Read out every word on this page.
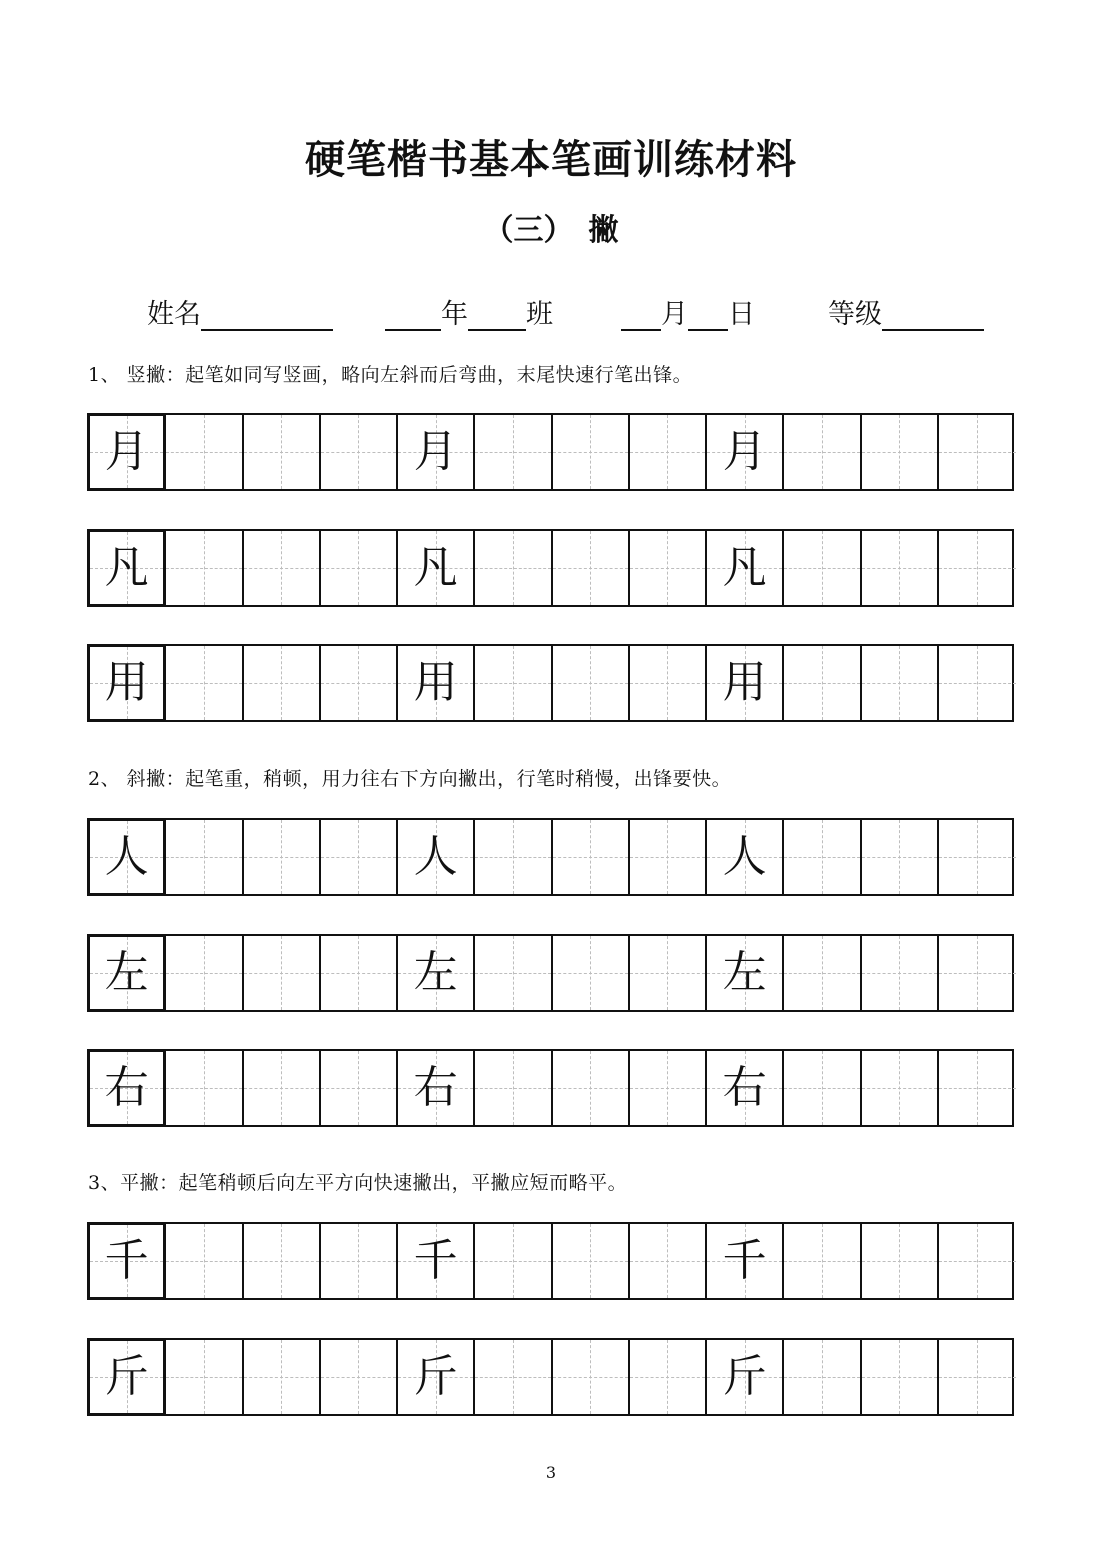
硬笔楷书基本笔画训练材料
（三）　撇
姓名	年 班	月 日	等级
1、 竖撇：起笔如同写竖画，略向左斜而后弯曲，末尾快速行笔出锋。
月	月	月
凡	凡	凡
用	用	用
2、 斜撇：起笔重，稍顿，用力往右下方向撇出，行笔时稍慢，出锋要快。
人	人	人
左	左	左
右	右	右
3、平撇：起笔稍顿后向左平方向快速撇出，平撇应短而略平。
千	千	千
斤	斤	斤
3
